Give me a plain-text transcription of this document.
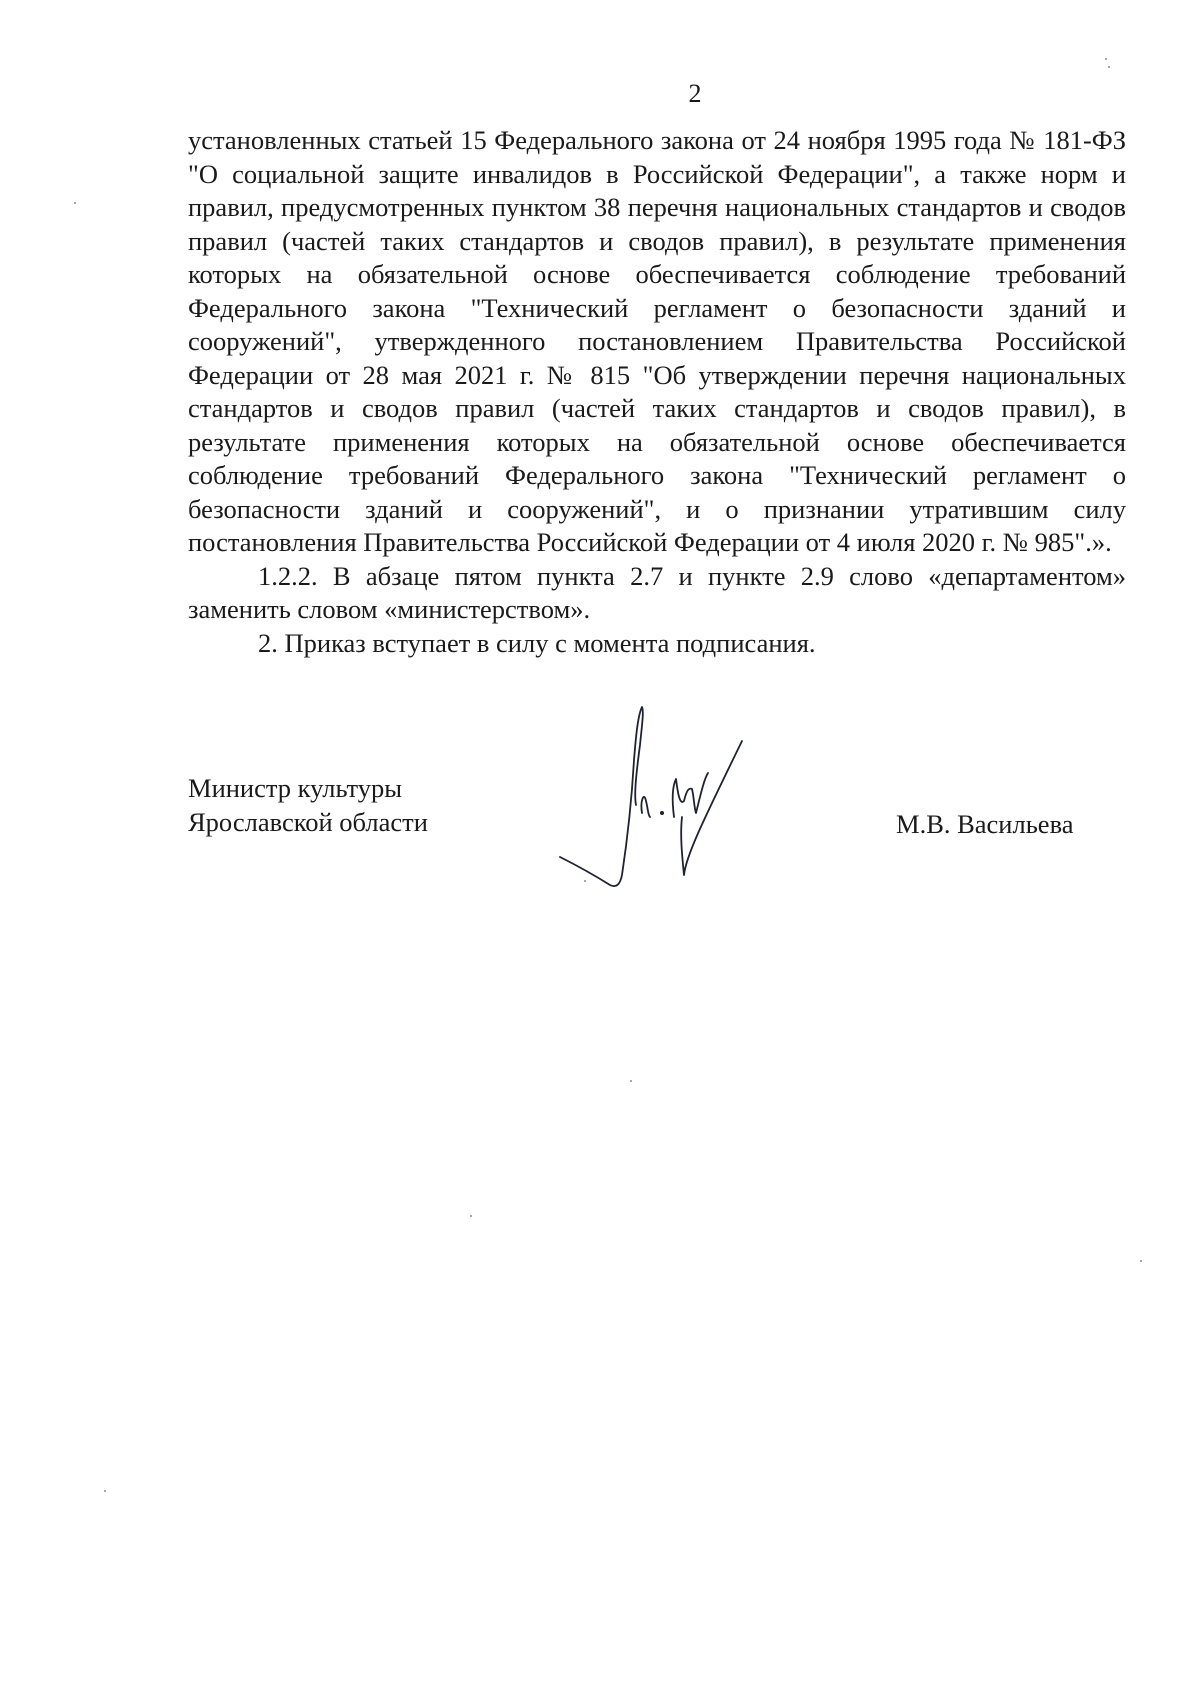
2

установленных статьей 15 Федерального закона от 24 ноября 1995 года № 181-ФЗ "О социальной защите инвалидов в Российской Федерации", а также норм и правил, предусмотренных пунктом 38 перечня национальных стандартов и сводов правил (частей таких стандартов и сводов правил), в результате применения которых на обязательной основе обеспечивается соблюдение требований Федерального закона "Технический регламент о безопасности зданий и сооружений", утвержденного постановлением Правительства Российской Федерации от 28 мая 2021 г. № 815 "Об утверждении перечня национальных стандартов и сводов правил (частей таких стандартов и сводов правил), в результате применения которых на обязательной основе обеспечивается соблюдение требований Федерального закона "Технический регламент о безопасности зданий и сооружений", и о признании утратившим силу постановления Правительства Российской Федерации от 4 июля 2020 г. № 985".».

1.2.2. В абзаце пятом пункта 2.7 и пункте 2.9 слово «департаментом» заменить словом «министерством».

2. Приказ вступает в силу с момента подписания.

Министр культуры
Ярославской области	М.В. Васильева
